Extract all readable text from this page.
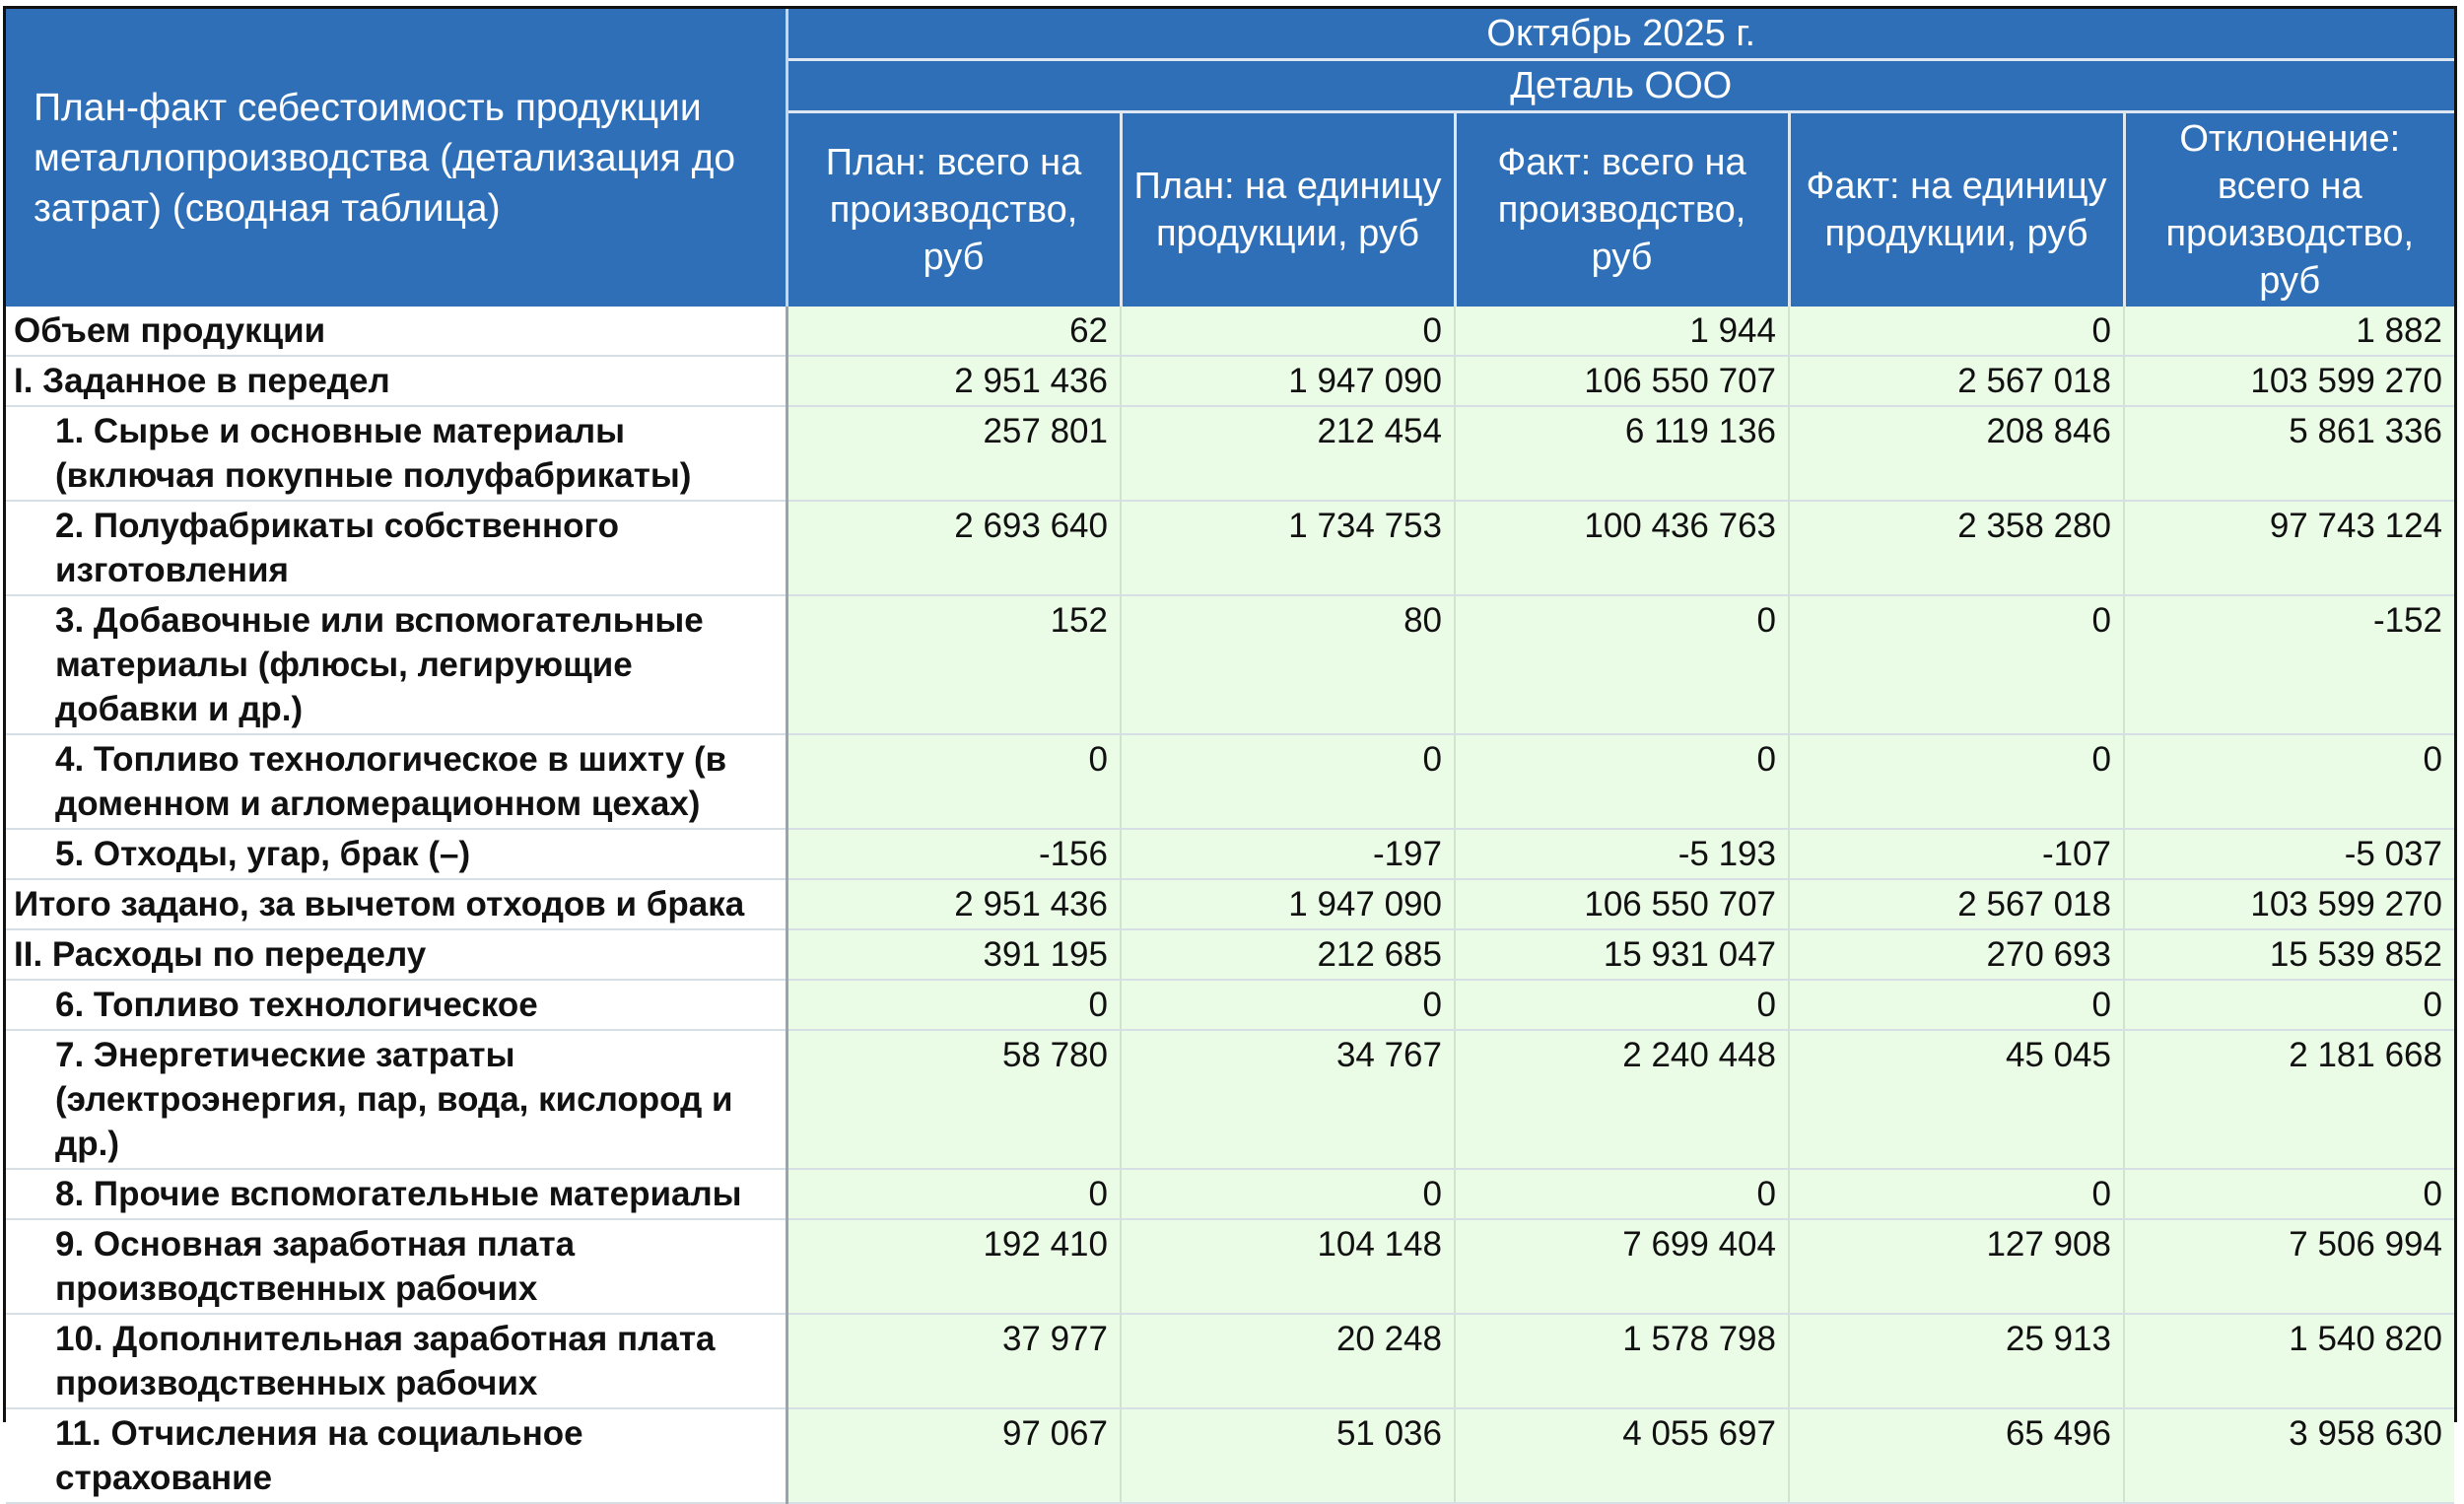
План-факт себестоимость продукции металлопроизводства (детализация до затрат) (сводная таблица)	Октябрь 2025 г.				
	Деталь ООО				
	План: всего на производство, руб	План: на единицу продукции, руб	Факт: всего на производство, руб	Факт: на единицу продукции, руб	Отклонение: всего на производство, руб
Объем продукции	62	0	1 944	0	1 882
I. Заданное в передел	2 951 436	1 947 090	106 550 707	2 567 018	103 599 270
1. Сырье и основные материалы (включая покупные полуфабрикаты)	257 801	212 454	6 119 136	208 846	5 861 336
2. Полуфабрикаты собственного изготовления	2 693 640	1 734 753	100 436 763	2 358 280	97 743 124
3. Добавочные или вспомогательные материалы (флюсы, легирующие добавки и др.)	152	80	0	0	-152
4. Топливо технологическое в шихту (в доменном и агломерационном цехах)	0	0	0	0	0
5. Отходы, угар, брак (–)	-156	-197	-5 193	-107	-5 037
Итого задано, за вычетом отходов и брака	2 951 436	1 947 090	106 550 707	2 567 018	103 599 270
II. Расходы по переделу	391 195	212 685	15 931 047	270 693	15 539 852
6. Топливо технологическое	0	0	0	0	0
7. Энергетические затраты (электроэнергия, пар, вода, кислород и др.)	58 780	34 767	2 240 448	45 045	2 181 668
8. Прочие вспомогательные материалы	0	0	0	0	0
9. Основная заработная плата производственных рабочих	192 410	104 148	7 699 404	127 908	7 506 994
10. Дополнительная заработная плата производственных рабочих	37 977	20 248	1 578 798	25 913	1 540 820
11. Отчисления на социальное страхование	97 067	51 036	4 055 697	65 496	3 958 630
